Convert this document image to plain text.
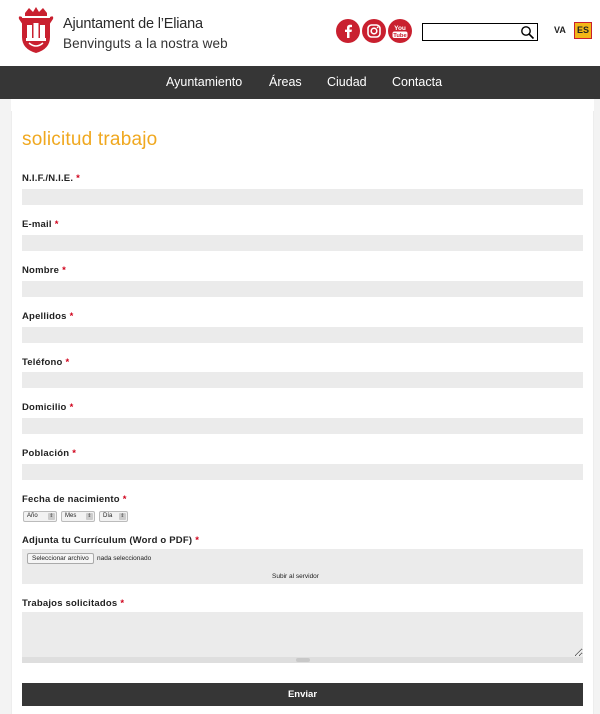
Ajuntament de l’Eliana
Benvinguts a la nostra web
You
Tube
VA	ES
Ayuntamiento Áreas Ciudad Contacta
solicitud trabajo
N.I.F./N.I.E. *
E-mail *
Nombre *
Apellidos *
Teléfono *
Domicilio *
Población *
Fecha de nacimiento *
Año ⇕	Mes ⇕	Día ⇕
Adjunta tu Currículum (Word o PDF) *
Seleccionar archivo	nada seleccionado
Subir al servidor
Trabajos solicitados *
Enviar
